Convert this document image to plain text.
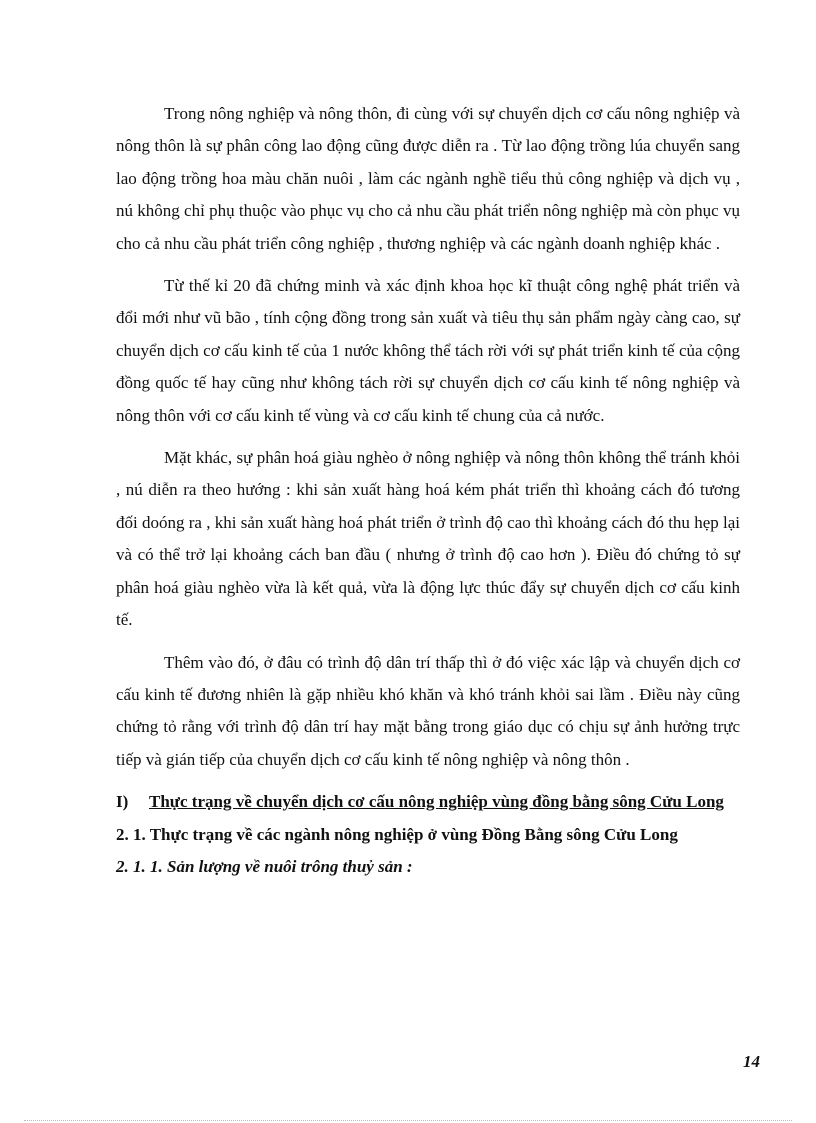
Trong nông nghiệp và nông thôn, đi cùng với sự chuyển dịch cơ cấu nông nghiệp và nông thôn là sự phân công lao động cũng được diễn ra . Từ lao động trồng lúa chuyển sang lao động trồng hoa màu chăn nuôi , làm các ngành nghề tiểu thủ công nghiệp và dịch vụ , nú không chỉ phụ thuộc vào phục vụ cho cả nhu cầu phát triển nông nghiệp mà còn phục vụ cho cả nhu cầu phát triển công nghiệp , thương nghiệp và các ngành doanh nghiệp khác .

Từ thế kỉ 20 đã chứng minh và xác định khoa học kĩ thuật công nghệ phát triển và đổi mới như vũ bão , tính cộng đồng trong sản xuất và tiêu thụ sản phẩm ngày càng cao, sự chuyển dịch cơ cấu kinh tế của 1 nước không thể tách rời với sự phát triển kinh tế của cộng đồng quốc tế hay cũng như không tách rời sự chuyển dịch cơ cấu kinh tế nông nghiệp và nông thôn với cơ cấu kinh tế vùng và cơ cấu kinh tế chung của cả nước.

Mặt khác, sự phân hoá giàu nghèo ở nông nghiệp và nông thôn không thể tránh khỏi , nú diễn ra theo hướng : khi sản xuất hàng hoá kém phát triển thì khoảng cách đó tương đối doóng ra , khi sản xuất hàng hoá phát triển ở trình độ cao thì khoảng cách đó thu hẹp lại và có thể trở lại khoảng cách ban đầu ( nhưng ở trình độ cao hơn ). Điều đó chứng tỏ sự phân hoá giàu nghèo vừa là kết quả, vừa là động lực thúc đẩy sự chuyển dịch cơ cấu kinh tế.

Thêm vào đó, ở đâu có trình độ dân trí thấp thì ở đó việc xác lập và chuyển dịch cơ cấu kinh tế đương nhiên là gặp nhiều khó khăn và khó tránh khỏi sai lầm . Điều này cũng chứng tỏ rằng với trình độ dân trí hay mặt bằng trong giáo dục có chịu sự ảnh hưởng trực tiếp và gián tiếp của chuyển dịch cơ cấu kinh tế nông nghiệp và nông thôn .

I)	Thực trạng về chuyển dịch cơ cấu nông nghiệp vùng đồng bằng sông Cửu Long

2. 1. Thực trạng về các ngành nông nghiệp ở vùng Đồng Bằng sông Cửu Long

2. 1. 1. Sản lượng về nuôi trông thuỷ sản :

14
